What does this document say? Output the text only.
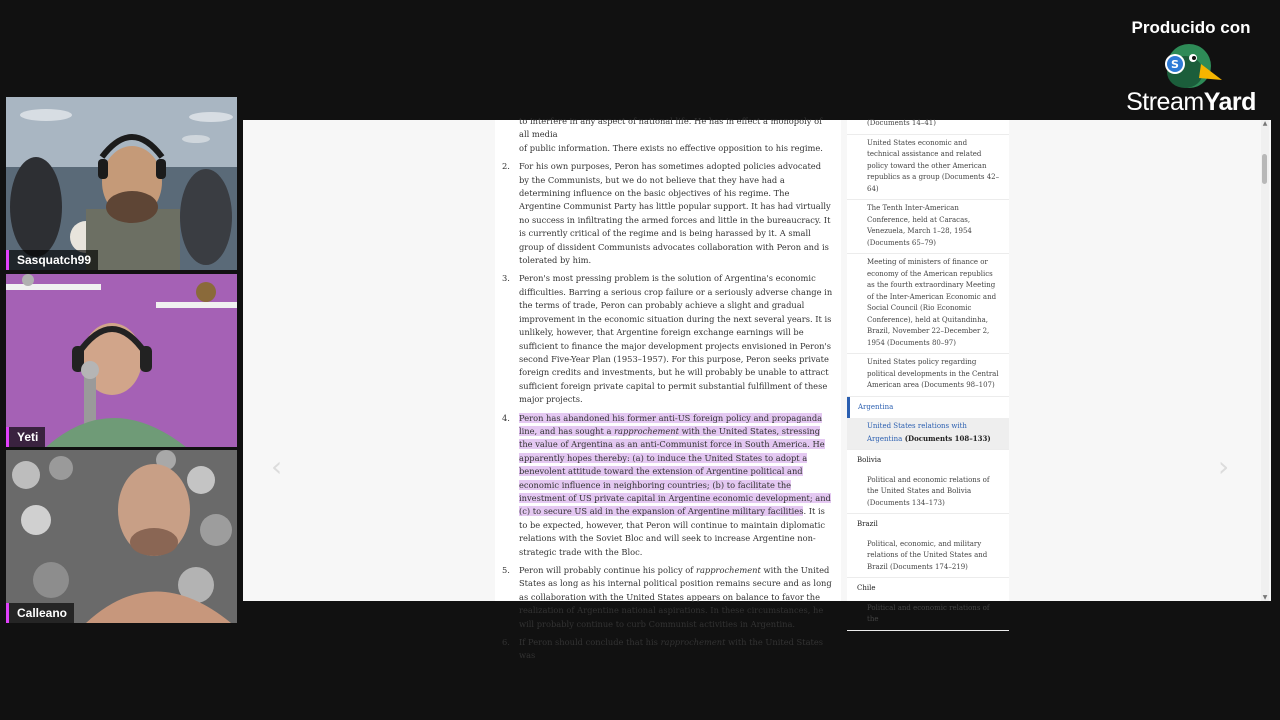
Producido con
S
StreamYard
Sasquatch99
Yeti
Calleano
‹	›
to interfere in any aspect of national life. He has in effect a monopoly of all media
of public information. There exists no effective opposition to his regime.
2. For his own purposes, Peron has sometimes adopted policies advocated by the Communists, but we do not believe that they have had a determining influence on the basic objectives of his regime. The Argentine Communist Party has little popular support. It has had virtually no success in infiltrating the armed forces and little in the bureaucracy. It is currently critical of the regime and is being harassed by it. A small group of dissident Communists advocates collaboration with Peron and is tolerated by him.
3. Peron's most pressing problem is the solution of Argentina's economic difficulties. Barring a serious crop failure or a seriously adverse change in the terms of trade, Peron can probably achieve a slight and gradual improvement in the economic situation during the next several years. It is unlikely, however, that Argentine foreign exchange earnings will be sufficient to finance the major development projects envisioned in Peron's second Five-Year Plan (1953–1957). For this purpose, Peron seeks private foreign credits and investments, but he will probably be unable to attract sufficient foreign private capital to permit substantial fulfillment of these major projects.
4. Peron has abandoned his former anti-US foreign policy and propaganda line, and has sought a rapprochement with the United States, stressing the value of Argentina as an anti-Communist force in South America. He apparently hopes thereby: (a) to induce the United States to adopt a benevolent attitude toward the extension of Argentine political and economic influence in neighboring countries; (b) to facilitate the investment of US private capital in Argentine economic development; and (c) to secure US aid in the expansion of Argentine military facilities. It is to be expected, however, that Peron will continue to maintain diplomatic relations with the Soviet Bloc and will seek to increase Argentine non-strategic trade with the Bloc.
5. Peron will probably continue his policy of rapprochement with the United States as long as his internal political position remains secure and as long as collaboration with the United States appears on balance to favor the realization of Argentine national aspirations. In these circumstances, he will probably continue to curb Communist activities in Argentina.
6. If Peron should conclude that his rapprochement with the United States was
(Documents 14–41)
United States economic and technical assistance and related policy toward the other American republics as a group (Documents 42–64)
The Tenth Inter-American Conference, held at Caracas, Venezuela, March 1–28, 1954 (Documents 65–79)
Meeting of ministers of finance or economy of the American republics as the fourth extraordinary Meeting of the Inter-American Economic and Social Council (Rio Economic Conference), held at Quitandinha, Brazil, November 22–December 2, 1954 (Documents 80–97)
United States policy regarding political developments in the Central American area (Documents 98–107)
Argentina
United States relations with Argentina (Documents 108–133)
Bolivia
Political and economic relations of the United States and Bolivia (Documents 134–173)
Brazil
Political, economic, and military relations of the United States and Brazil (Documents 174–219)
Chile
Political and economic relations of the
▲
▼
